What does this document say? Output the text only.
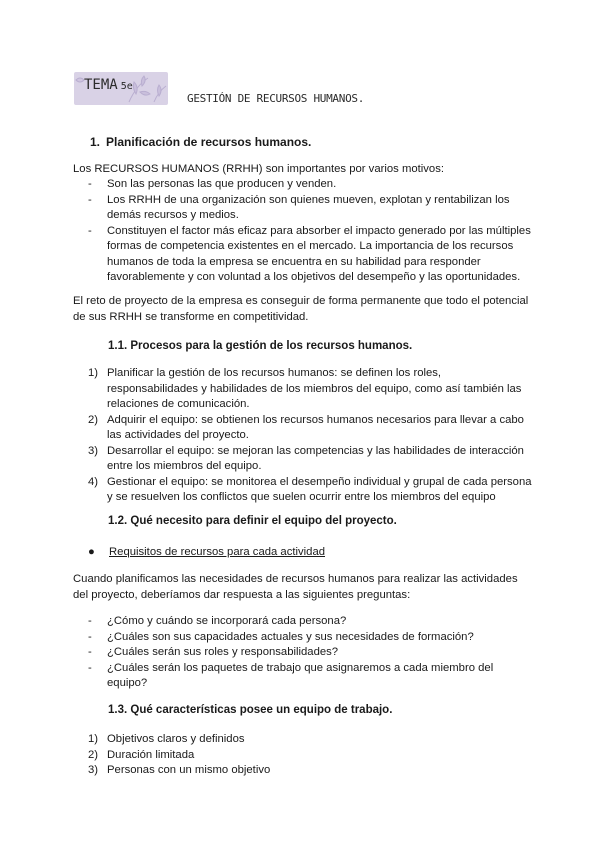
TEMA 5e
GESTIÓN DE RECURSOS HUMANOS.
1. Planificación de recursos humanos.
Los RECURSOS HUMANOS (RRHH) son importantes por varios motivos:
- Son las personas las que producen y venden.
- Los RRHH de una organización son quienes mueven, explotan y rentabilizan los demás recursos y medios.
- Constituyen el factor más eficaz para absorber el impacto generado por las múltiples formas de competencia existentes en el mercado. La importancia de los recursos humanos de toda la empresa se encuentra en su habilidad para responder favorablemente y con voluntad a los objetivos del desempeño y las oportunidades.
El reto de proyecto de la empresa es conseguir de forma permanente que todo el potencial de sus RRHH se transforme en competitividad.
1.1. Procesos para la gestión de los recursos humanos.
1) Planificar la gestión de los recursos humanos: se definen los roles, responsabilidades y habilidades de los miembros del equipo, como así también las relaciones de comunicación.
2) Adquirir el equipo: se obtienen los recursos humanos necesarios para llevar a cabo las actividades del proyecto.
3) Desarrollar el equipo: se mejoran las competencias y las habilidades de interacción entre los miembros del equipo.
4) Gestionar el equipo: se monitorea el desempeño individual y grupal de cada persona y se resuelven los conflictos que suelen ocurrir entre los miembros del equipo
1.2. Qué necesito para definir el equipo del proyecto.
● Requisitos de recursos para cada actividad
Cuando planificamos las necesidades de recursos humanos para realizar las actividades del proyecto, deberíamos dar respuesta a las siguientes preguntas:
- ¿Cómo y cuándo se incorporará cada persona?
- ¿Cuáles son sus capacidades actuales y sus necesidades de formación?
- ¿Cuáles serán sus roles y responsabilidades?
- ¿Cuáles serán los paquetes de trabajo que asignaremos a cada miembro del equipo?
1.3. Qué características posee un equipo de trabajo.
1) Objetivos claros y definidos
2) Duración limitada
3) Personas con un mismo objetivo
